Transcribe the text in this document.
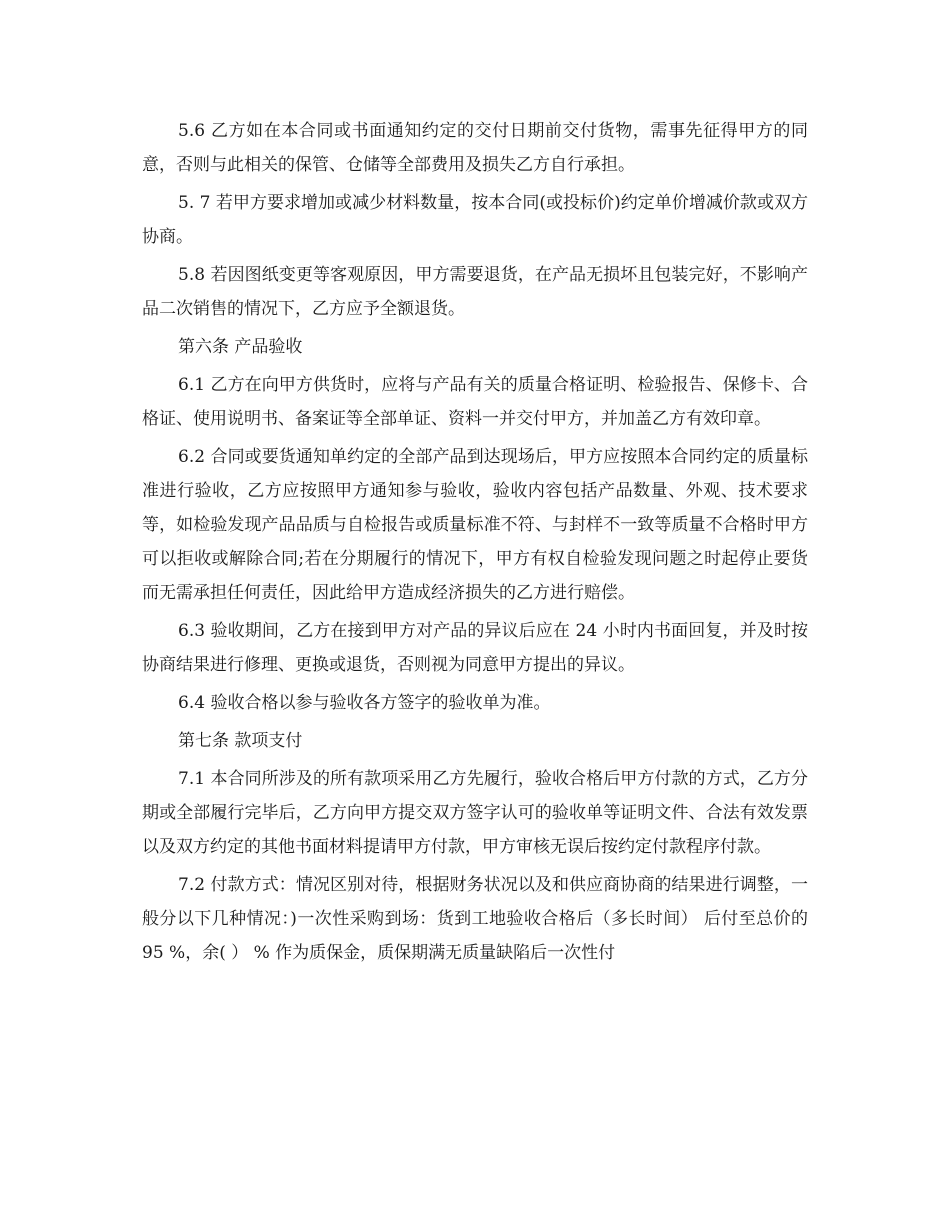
5.6 乙方如在本合同或书面通知约定的交付日期前交付货物，需事先征得甲方的同 意，否则与此相关的保管、仓储等全部费用及损失乙方自行承担。

5. 7 若甲方要求增加或减少材料数量，按本合同(或投标价)约定单价增减价款或双方协商。

5.8 若因图纸变更等客观原因，甲方需要退货，在产品无损坏且包装完好，不影响产品二次销售的情况下，乙方应予全额退货。

第六条 产品验收

6.1 乙方在向甲方供货时，应将与产品有关的质量合格证明、检验报告、保修卡、合格证、使用说明书、备案证等全部单证、资料一并交付甲方，并加盖乙方有效印章。

6.2 合同或要货通知单约定的全部产品到达现场后，甲方应按照本合同约定的质量标准进行验收，乙方应按照甲方通知参与验收，验收内容包括产品数量、外观、技术要求等，如检验发现产品品质与自检报告或质量标准不符、与封样不一致等质量不合格时甲方可以拒收或解除合同;若在分期履行的情况下，甲方有权自检验发现问题之时起停止要货而无需承担任何责任，因此给甲方造成经济损失的乙方进行赔偿。

6.3 验收期间，乙方在接到甲方对产品的异议后应在 24 小时内书面回复，并及时按协商结果进行修理、更换或退货，否则视为同意甲方提出的异议。

6.4 验收合格以参与验收各方签字的验收单为准。

第七条 款项支付

7.1 本合同所涉及的所有款项采用乙方先履行，验收合格后甲方付款的方式，乙方分期或全部履行完毕后，乙方向甲方提交双方签字认可的验收单等证明文件、合法有效发票以及双方约定的其他书面材料提请甲方付款，甲方审核无误后按约定付款程序付款。

7.2 付款方式：情况区别对待，根据财务状况以及和供应商协商的结果进行调整，一般分以下几种情况：)一次性采购到场：货到工地验收合格后（多长时间） 后付至总价的 95 %，余( ） % 作为质保金，质保期满无质量缺陷后一次性付
